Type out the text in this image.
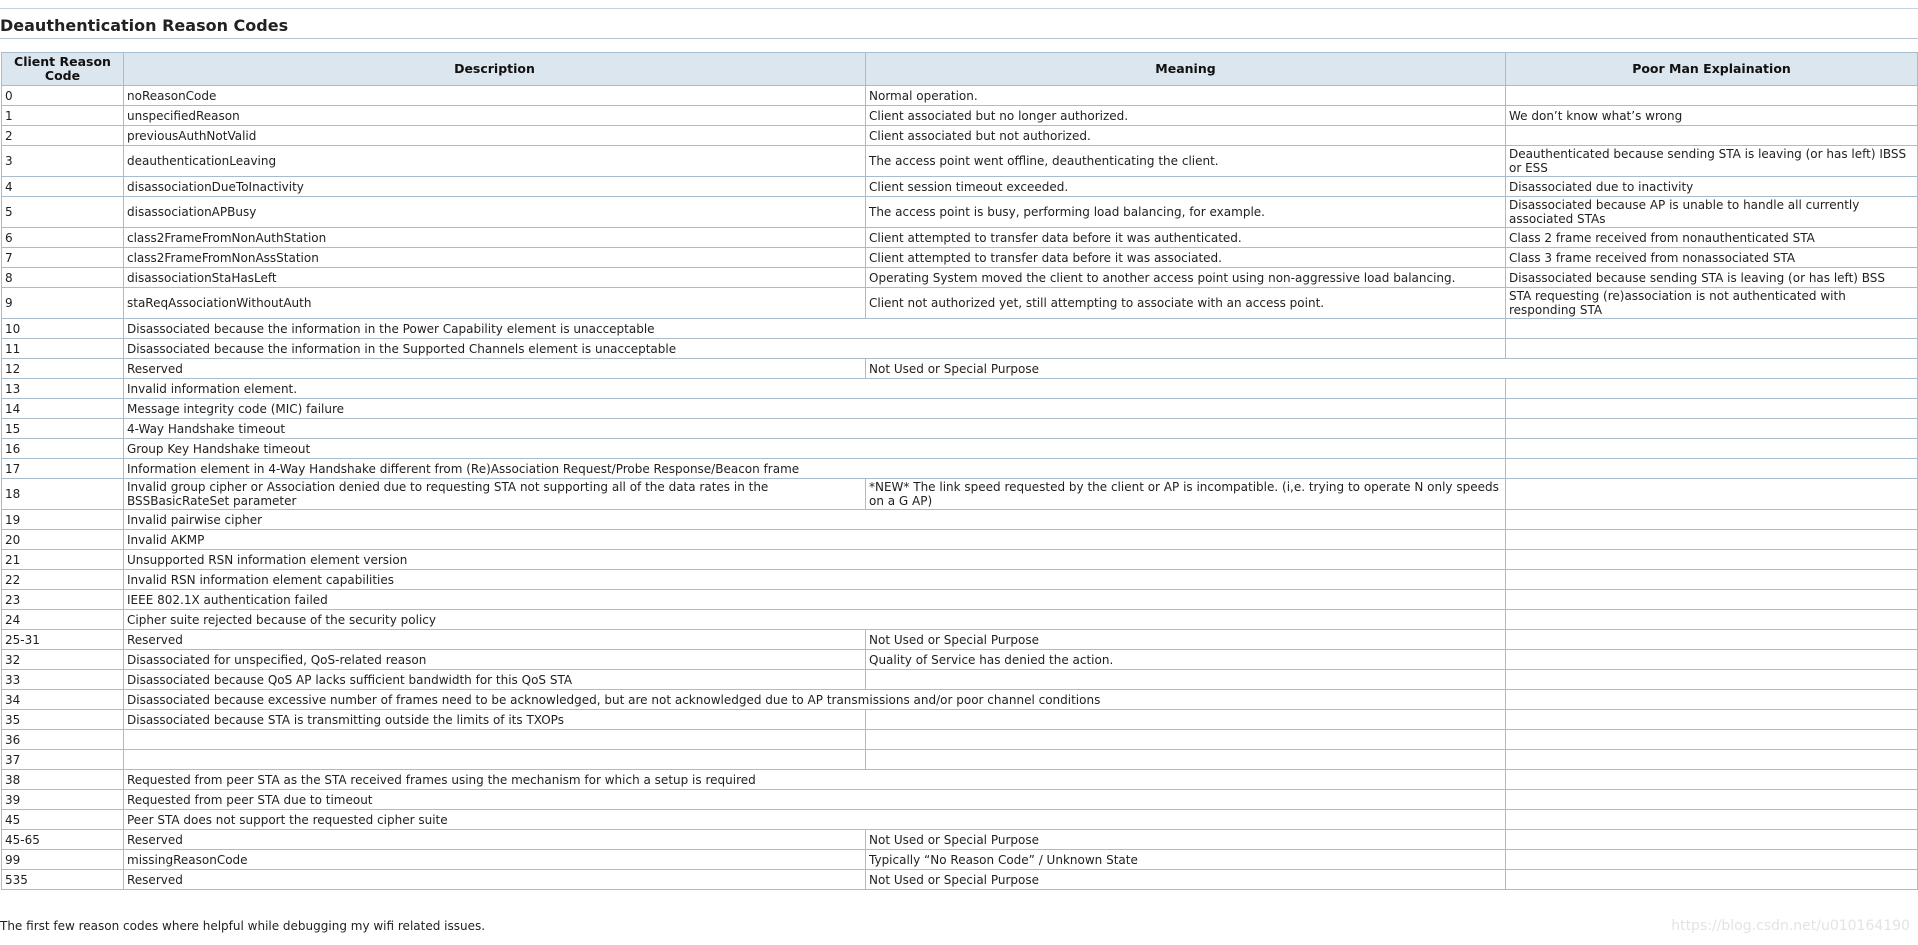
Deauthentication Reason Codes
Client Reason Code	Description	Meaning	Poor Man Explaination
0	noReasonCode	Normal operation.	
1	unspecifiedReason	Client associated but no longer authorized.	We don’t know what’s wrong
2	previousAuthNotValid	Client associated but not authorized.	
3	deauthenticationLeaving	The access point went offline, deauthenticating the client.	Deauthenticated because sending STA is leaving (or has left) IBSS or ESS
4	disassociationDueToInactivity	Client session timeout exceeded.	Disassociated due to inactivity
5	disassociationAPBusy	The access point is busy, performing load balancing, for example.	Disassociated because AP is unable to handle all currently associated STAs
6	class2FrameFromNonAuthStation	Client attempted to transfer data before it was authenticated.	Class 2 frame received from nonauthenticated STA
7	class2FrameFromNonAssStation	Client attempted to transfer data before it was associated.	Class 3 frame received from nonassociated STA
8	disassociationStaHasLeft	Operating System moved the client to another access point using non-aggressive load balancing.	Disassociated because sending STA is leaving (or has left) BSS
9	staReqAssociationWithoutAuth	Client not authorized yet, still attempting to associate with an access point.	STA requesting (re)association is not authenticated with responding STA
10	Disassociated because the information in the Power Capability element is unacceptable		
11	Disassociated because the information in the Supported Channels element is unacceptable		
12	Reserved	Not Used or Special Purpose	
13	Invalid information element.		
14	Message integrity code (MIC) failure		
15	4-Way Handshake timeout		
16	Group Key Handshake timeout		
17	Information element in 4-Way Handshake different from (Re)Association Request/Probe Response/Beacon frame		
18	Invalid group cipher or Association denied due to requesting STA not supporting all of the data rates in the BSSBasicRateSet parameter	*NEW* The link speed requested by the client or AP is incompatible. (i,e. trying to operate N only speeds on a G AP)	
19	Invalid pairwise cipher		
20	Invalid AKMP		
21	Unsupported RSN information element version		
22	Invalid RSN information element capabilities		
23	IEEE 802.1X authentication failed		
24	Cipher suite rejected because of the security policy		
25-31	Reserved	Not Used or Special Purpose	
32	Disassociated for unspecified, QoS-related reason	Quality of Service has denied the action.	
33	Disassociated because QoS AP lacks sufficient bandwidth for this QoS STA		
34	Disassociated because excessive number of frames need to be acknowledged, but are not acknowledged due to AP transmissions and/or poor channel conditions		
35	Disassociated because STA is transmitting outside the limits of its TXOPs		
36			
37			
38	Requested from peer STA as the STA received frames using the mechanism for which a setup is required		
39	Requested from peer STA due to timeout		
45	Peer STA does not support the requested cipher suite		
45-65	Reserved	Not Used or Special Purpose	
99	missingReasonCode	Typically “No Reason Code” / Unknown State	
535	Reserved	Not Used or Special Purpose	

The first few reason codes where helpful while debugging my wifi related issues.	https://blog.csdn.net/u010164190
